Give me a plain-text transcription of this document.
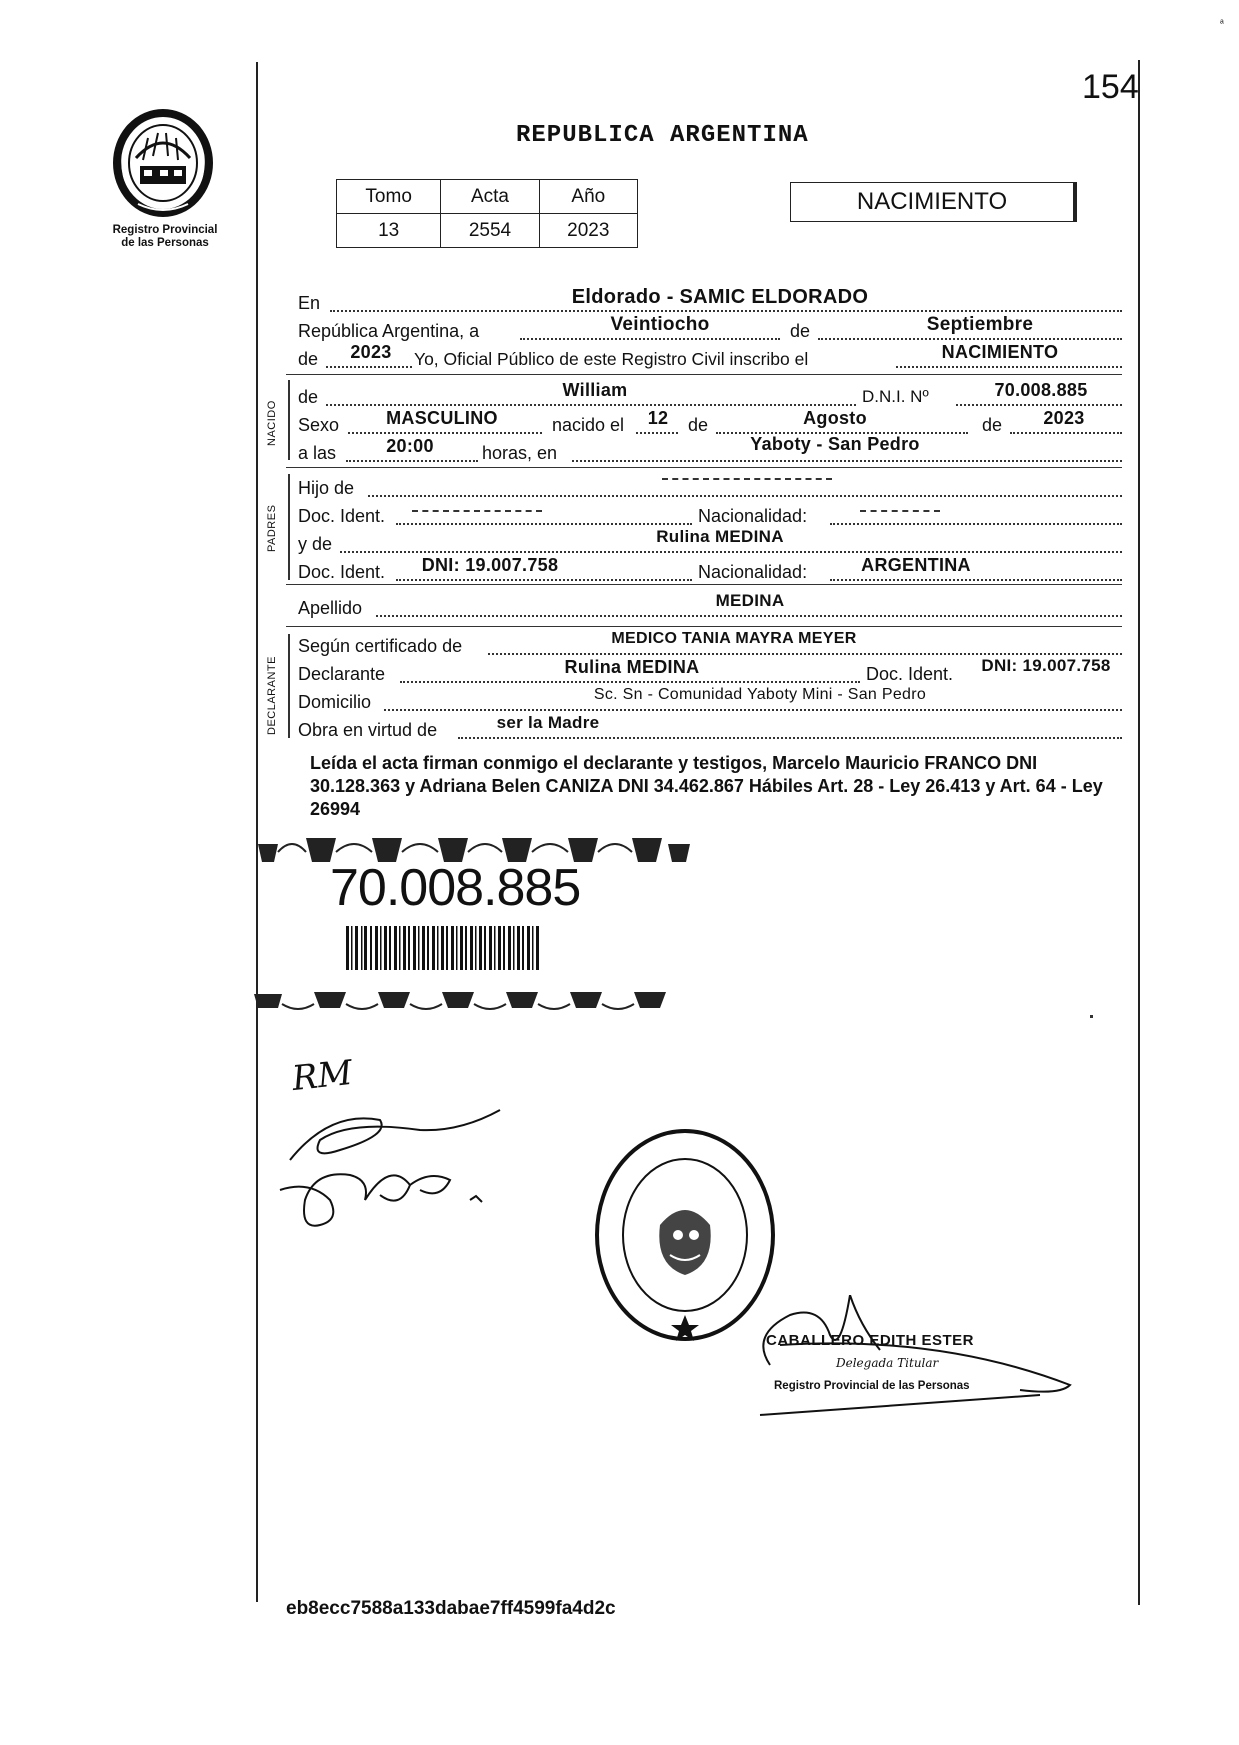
154
ᵃ
Registro Provincial
de las Personas
REPUBLICA ARGENTINA
Tomo	Acta	Año
13	2554	2023
NACIMIENTO
En	Eldorado - SAMIC ELDORADO
República Argentina, a	Veintiocho	de	Septiembre
de	2023	Yo, Oficial Público de este Registro Civil inscribo el	NACIMIENTO
NACIDO
de	William	D.N.I. Nº	70.008.885
Sexo	MASCULINO	nacido el	12	de	Agosto	de	2023
a las	20:00	horas, en	Yaboty - San Pedro
PADRES
Hijo de
Doc. Ident.	Nacionalidad:
y de	Rulina MEDINA
Doc. Ident.	DNI: 19.007.758	Nacionalidad:	ARGENTINA
Apellido	MEDINA
DECLARANTE
Según certificado de	MEDICO TANIA MAYRA MEYER
Declarante	Rulina MEDINA	Doc. Ident.	DNI: 19.007.758
Domicilio	Sc. Sn - Comunidad Yaboty Mini - San Pedro
Obra en virtud de	ser la Madre
Leída el acta firman conmigo el declarante y testigos, Marcelo Mauricio FRANCO DNI 30.128.363 y Adriana Belen CANIZA DNI 34.462.867 Hábiles Art. 28 - Ley 26.413 y Art. 64 - Ley 26994
70.008.885
RM
CABALLERO EDITH ESTER
Delegada Titular
Registro Provincial de las Personas
eb8ecc7588a133dabae7ff4599fa4d2c
